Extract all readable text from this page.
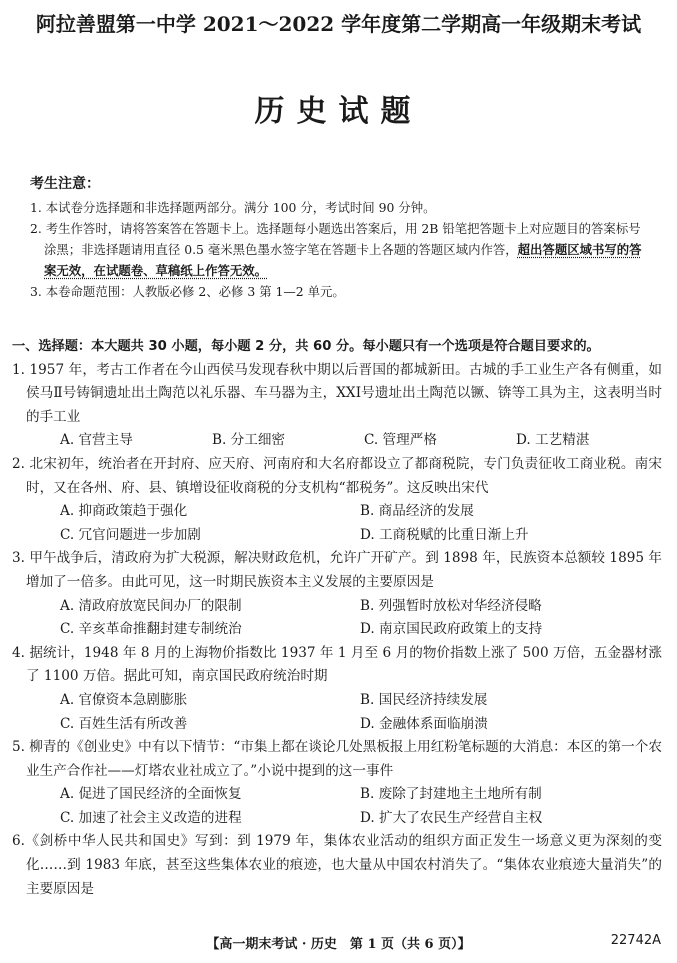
阿拉善盟第一中学 2021～2022 学年度第二学期高一年级期末考试
历史试题
考生注意：
1. 本试卷分选择题和非选择题两部分。满分 100 分，考试时间 90 分钟。
2. 考生作答时，请将答案答在答题卡上。选择题每小题选出答案后，用 2B 铅笔把答题卡上对应题目的答案标号涂黑；非选择题请用直径 0.5 毫米黑色墨水签字笔在答题卡上各题的答题区域内作答，超出答题区域书写的答案无效，在试题卷、草稿纸上作答无效。
3. 本卷命题范围：人教版必修 2、必修 3 第 1—2 单元。
一、选择题：本大题共 30 小题，每小题 2 分，共 60 分。每小题只有一个选项是符合题目要求的。
1. 1957 年，考古工作者在今山西侯马发现春秋中期以后晋国的都城新田。古城的手工业生产各有侧重，如侯马Ⅱ号铸铜遗址出土陶范以礼乐器、车马器为主，XXⅠ号遗址出土陶范以镢、锛等工具为主，这表明当时的手工业
A. 官营主导	B. 分工细密	C. 管理严格	D. 工艺精湛
2. 北宋初年，统治者在开封府、应天府、河南府和大名府都设立了都商税院，专门负责征收工商业税。南宋时，又在各州、府、县、镇增设征收商税的分支机构“都税务”。这反映出宋代
A. 抑商政策趋于强化	B. 商品经济的发展
C. 冗官问题进一步加剧	D. 工商税赋的比重日渐上升
3. 甲午战争后，清政府为扩大税源，解决财政危机，允许广开矿产。到 1898 年，民族资本总额较 1895 年增加了一倍多。由此可见，这一时期民族资本主义发展的主要原因是
A. 清政府放宽民间办厂的限制	B. 列强暂时放松对华经济侵略
C. 辛亥革命推翻封建专制统治	D. 南京国民政府政策上的支持
4. 据统计，1948 年 8 月的上海物价指数比 1937 年 1 月至 6 月的物价指数上涨了 500 万倍，五金器材涨了 1100 万倍。据此可知，南京国民政府统治时期
A. 官僚资本急剧膨胀	B. 国民经济持续发展
C. 百姓生活有所改善	D. 金融体系面临崩溃
5. 柳青的《创业史》中有以下情节：“市集上都在谈论几处黑板报上用红粉笔标题的大消息：本区的第一个农业生产合作社——灯塔农业社成立了。”小说中提到的这一事件
A. 促进了国民经济的全面恢复	B. 废除了封建地主土地所有制
C. 加速了社会主义改造的进程	D. 扩大了农民生产经营自主权
6.《剑桥中华人民共和国史》写到：到 1979 年，集体农业活动的组织方面正发生一场意义更为深刻的变化……到 1983 年底，甚至这些集体农业的痕迹，也大量从中国农村消失了。“集体农业痕迹大量消失”的主要原因是
【高一期末考试 · 历史　第 1 页（共 6 页）】	22742A
